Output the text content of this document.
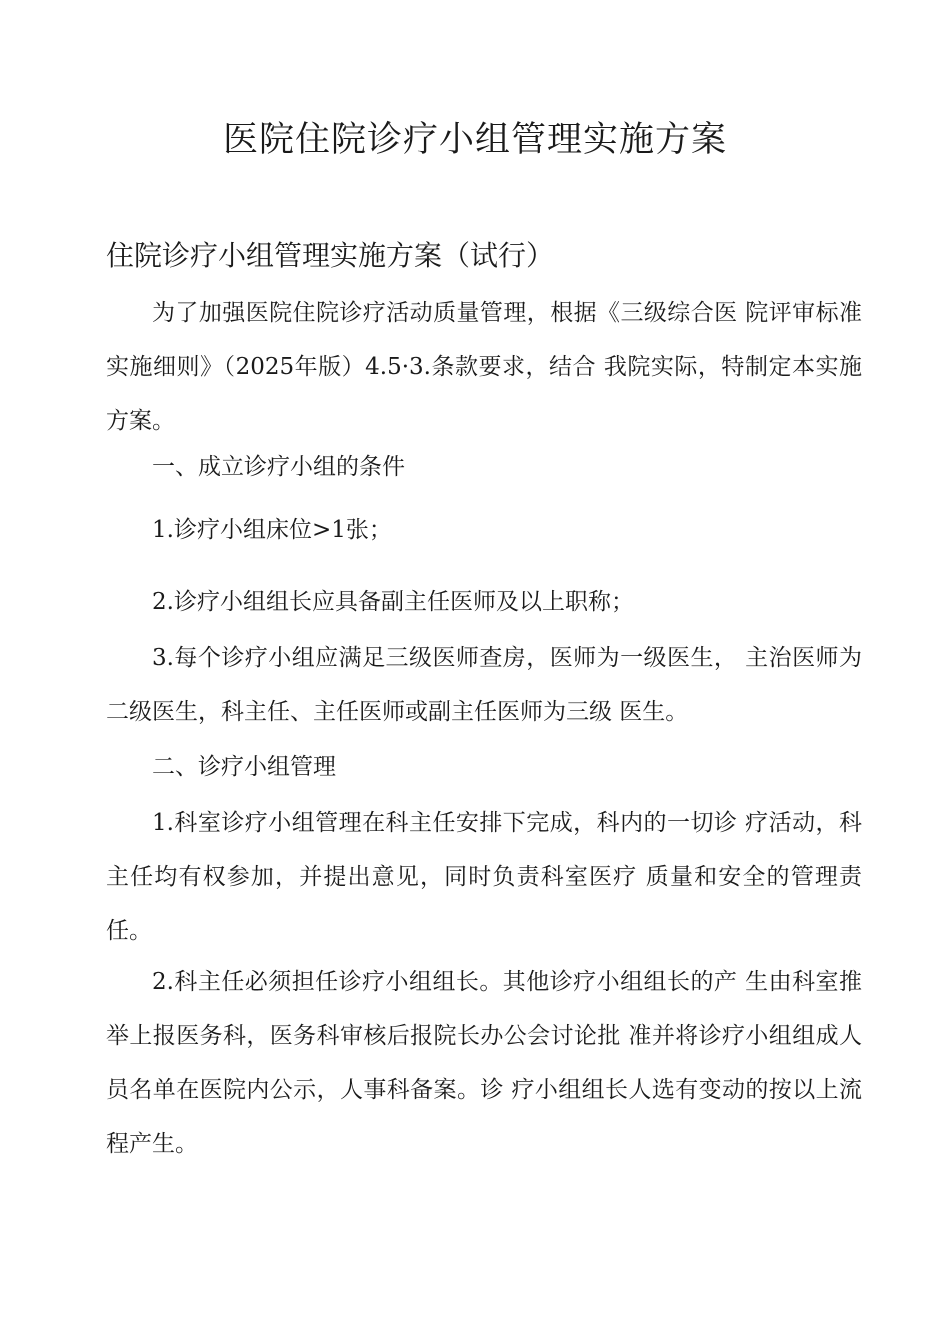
医院住院诊疗小组管理实施方案
住院诊疗小组管理实施方案（试行）

为了加强医院住院诊疗活动质量管理，根据《三级综合医 院评审标准实施细则》（2025年版）4.5·3.条款要求，结合 我院实际，特制定本实施方案。

一、成立诊疗小组的条件

1.诊疗小组床位>1张；

2.诊疗小组组长应具备副主任医师及以上职称；

3.每个诊疗小组应满足三级医师查房，医师为一级医生， 主治医师为二级医生，科主任、主任医师或副主任医师为三级 医生。

二、诊疗小组管理

1.科室诊疗小组管理在科主任安排下完成，科内的一切诊 疗活动，科主任均有权参加，并提出意见，同时负责科室医疗 质量和安全的管理责任。

2.科主任必须担任诊疗小组组长。其他诊疗小组组长的产 生由科室推举上报医务科，医务科审核后报院长办公会讨论批 准并将诊疗小组组成人员名单在医院内公示，人事科备案。诊 疗小组组长人选有变动的按以上流程产生。
